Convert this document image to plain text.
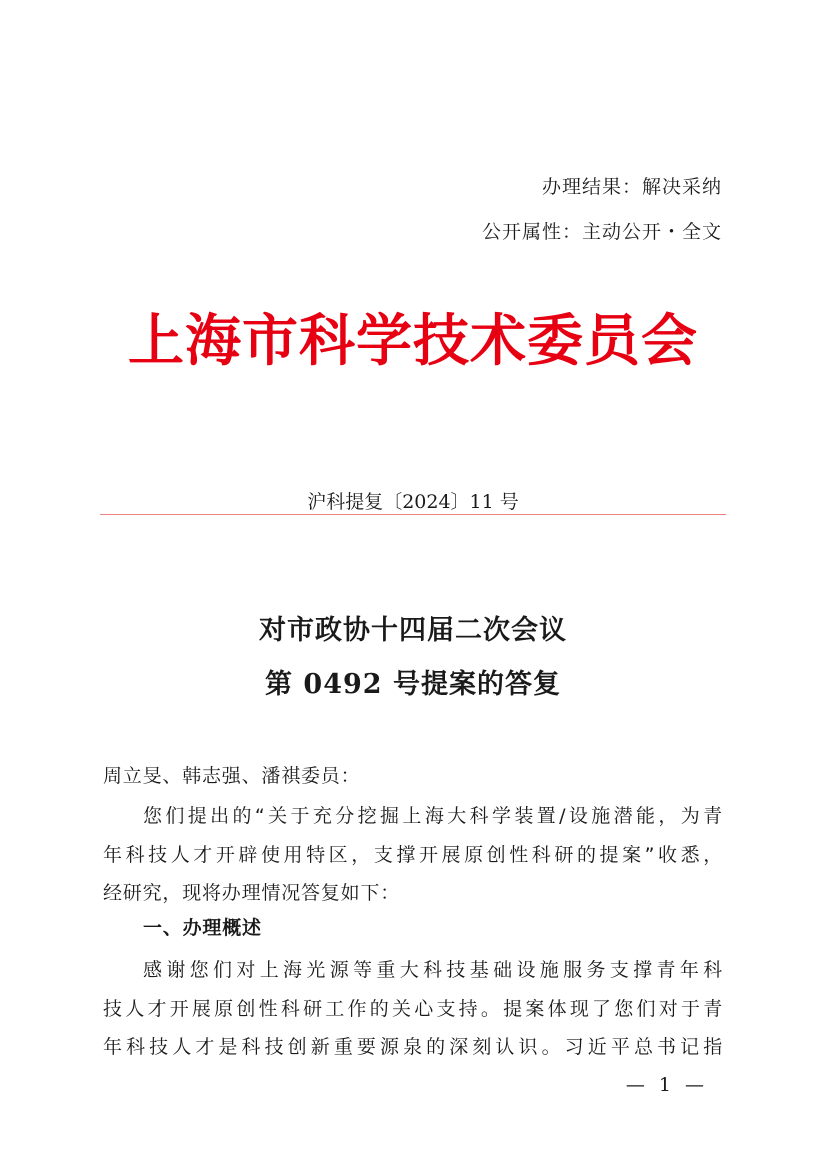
办理结果：解决采纳
公开属性：主动公开・全文
上海市科学技术委员会
沪科提复〔2024〕11 号
对市政协十四届二次会议
第 0492 号提案的答复
周立旻、韩志强、潘祺委员：
您们提出的“关于充分挖掘上海大科学装置/设施潜能，为青
年科技人才开辟使用特区，支撑开展原创性科研的提案”收悉，
经研究，现将办理情况答复如下：
一、办理概述
感谢您们对上海光源等重大科技基础设施服务支撑青年科
技人才开展原创性科研工作的关心支持。提案体现了您们对于青
年科技人才是科技创新重要源泉的深刻认识。习近平总书记指
— 1 —
